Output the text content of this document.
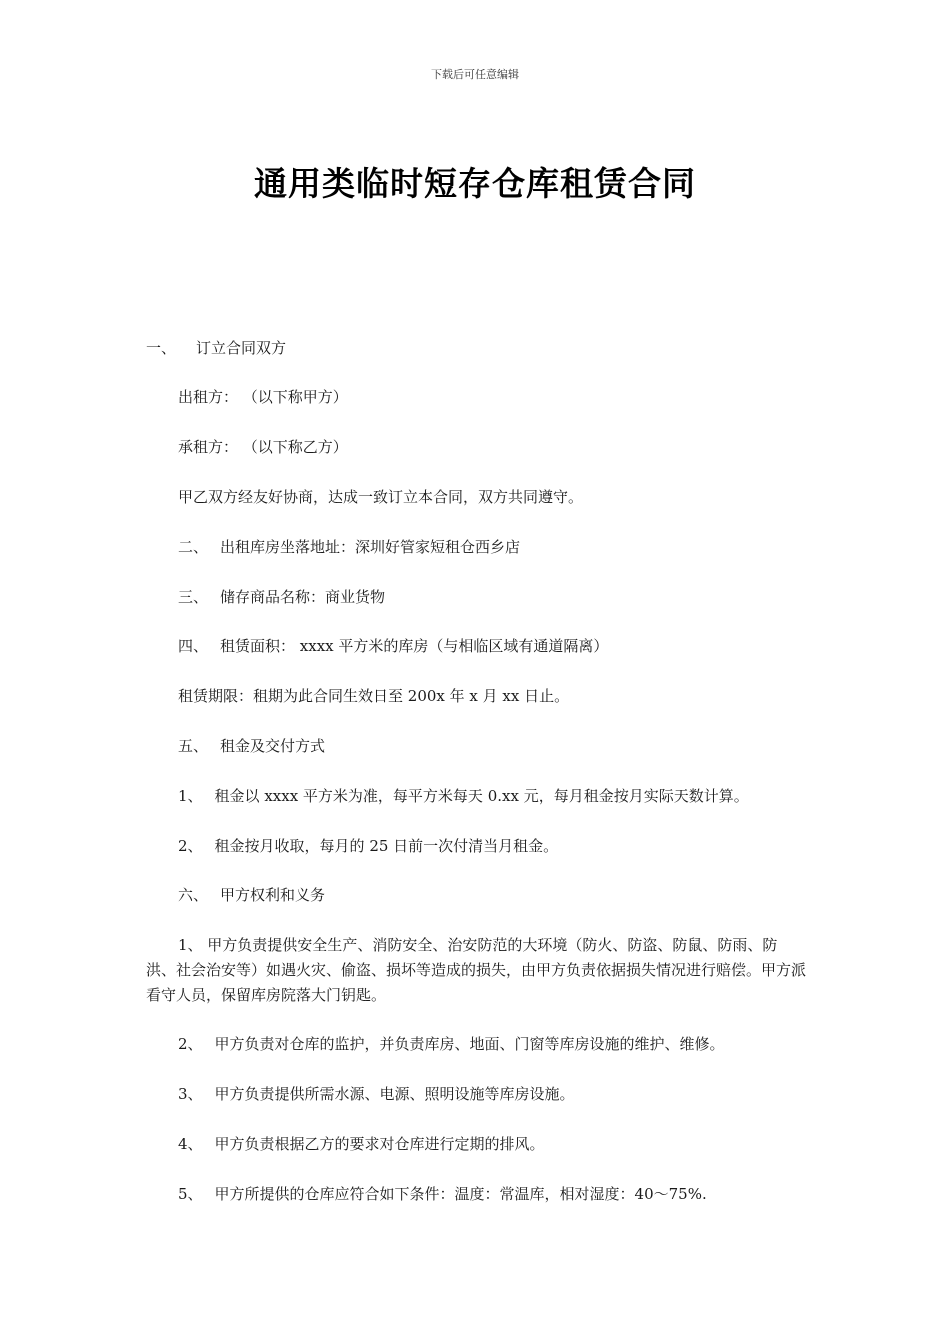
下载后可任意编辑
通用类临时短存仓库租赁合同
一、 订立合同双方
出租方： （以下称甲方）
承租方： （以下称乙方）
甲乙双方经友好协商，达成一致订立本合同，双方共同遵守。
二、 出租库房坐落地址：深圳好管家短租仓西乡店
三、 储存商品名称：商业货物
四、 租赁面积： xxxx 平方米的库房（与相临区域有通道隔离）
租赁期限：租期为此合同生效日至 200x 年 x 月 xx 日止。
五、 租金及交付方式
1、 租金以 xxxx 平方米为准，每平方米每天 0.xx 元，每月租金按月实际天数计算。
2、 租金按月收取，每月的 25 日前一次付清当月租金。
六、 甲方权利和义务
1、 甲方负责提供安全生产、消防安全、治安防范的大环境（防火、防盗、防鼠、防雨、防洪、社会治安等）如遇火灾、偷盗、损坏等造成的损失，由甲方负责依据损失情况进行赔偿。甲方派看守人员，保留库房院落大门钥匙。
2、 甲方负责对仓库的监护，并负责库房、地面、门窗等库房设施的维护、维修。
3、 甲方负责提供所需水源、电源、照明设施等库房设施。
4、 甲方负责根据乙方的要求对仓库进行定期的排风。
5、 甲方所提供的仓库应符合如下条件：温度：常温库，相对湿度：40～75%.
